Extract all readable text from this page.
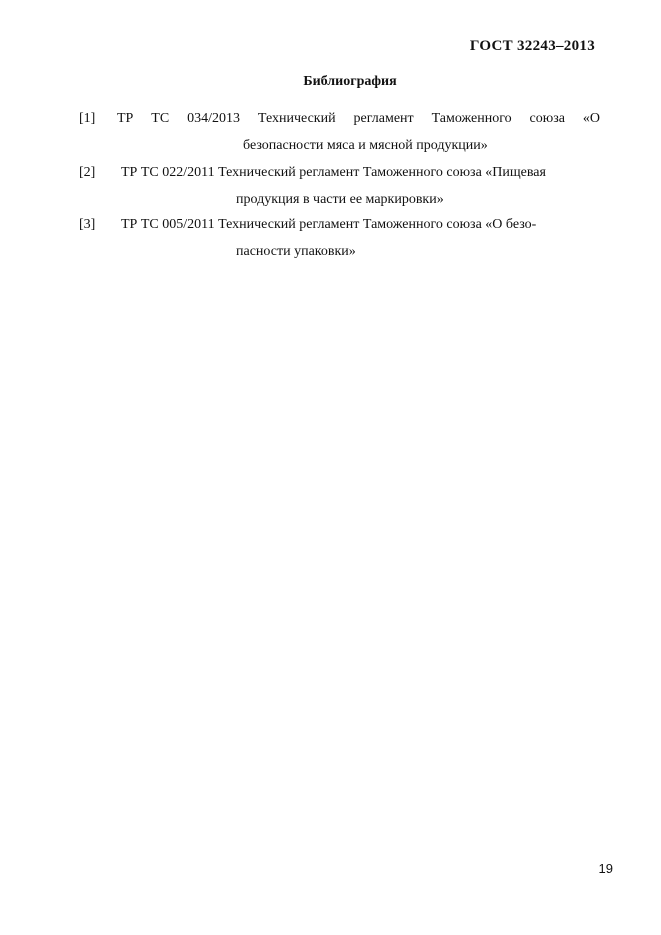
ГОСТ 32243–2013
Библиография
[1] ТР ТС 034/2013 Технический регламент Таможенного союза «О
безопасности мяса и мясной продукции»
[2] ТР ТС 022/2011 Технический регламент Таможенного союза «Пищевая
продукция в части ее маркировки»
[3] ТР ТС 005/2011 Технический регламент Таможенного союза «О безо-
пасности упаковки»
19
